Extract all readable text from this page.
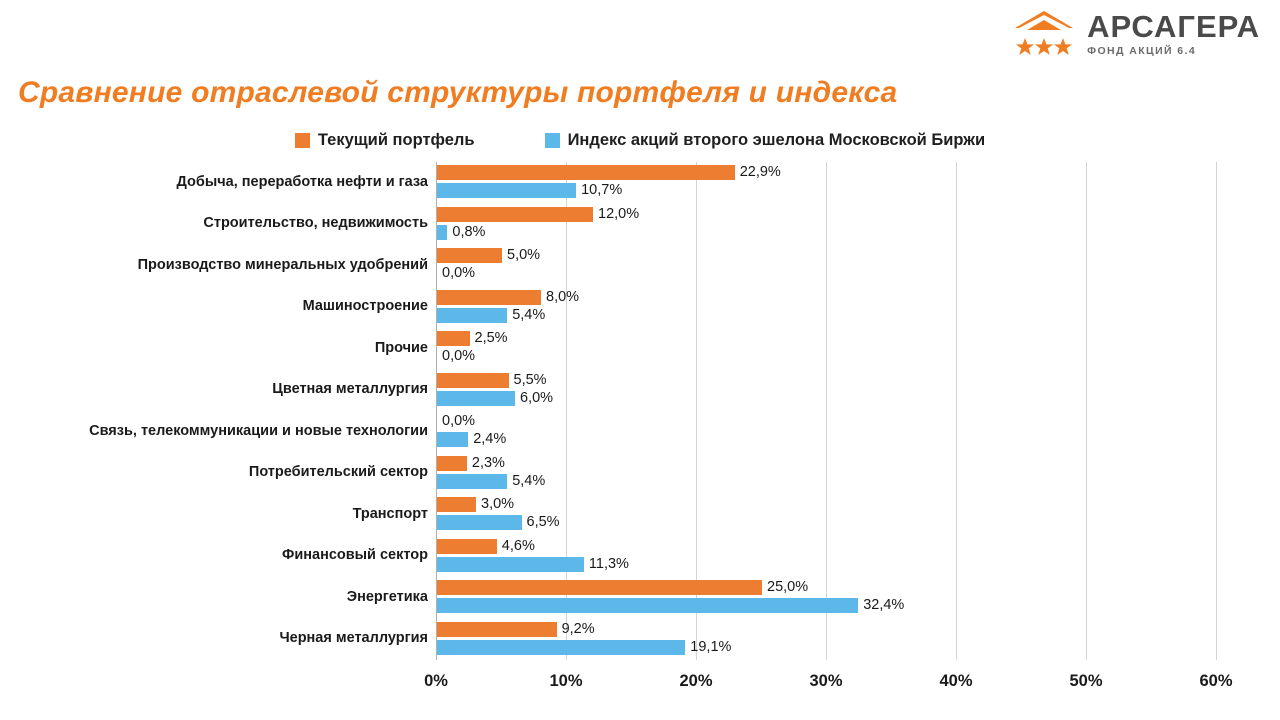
АРСАГЕРА
ФОНД АКЦИЙ 6.4
Сравнение отраслевой структуры портфеля и индекса
Текущий портфель	Индекс акций второго эшелона Московской Биржи
Добыча, переработка нефти и газа
22,9%
10,7%
Строительство, недвижимость
12,0%
0,8%
Производство минеральных удобрений
5,0%
0,0%
Машиностроение
8,0%
5,4%
Прочие
2,5%
0,0%
Цветная металлургия
5,5%
6,0%
Связь, телекоммуникации и новые технологии
0,0%
2,4%
Потребительский сектор
2,3%
5,4%
Транспорт
3,0%
6,5%
Финансовый сектор
4,6%
11,3%
Энергетика
25,0%
32,4%
Черная металлургия
9,2%
19,1%
0%	10%	20%	30%	40%	50%	60%
